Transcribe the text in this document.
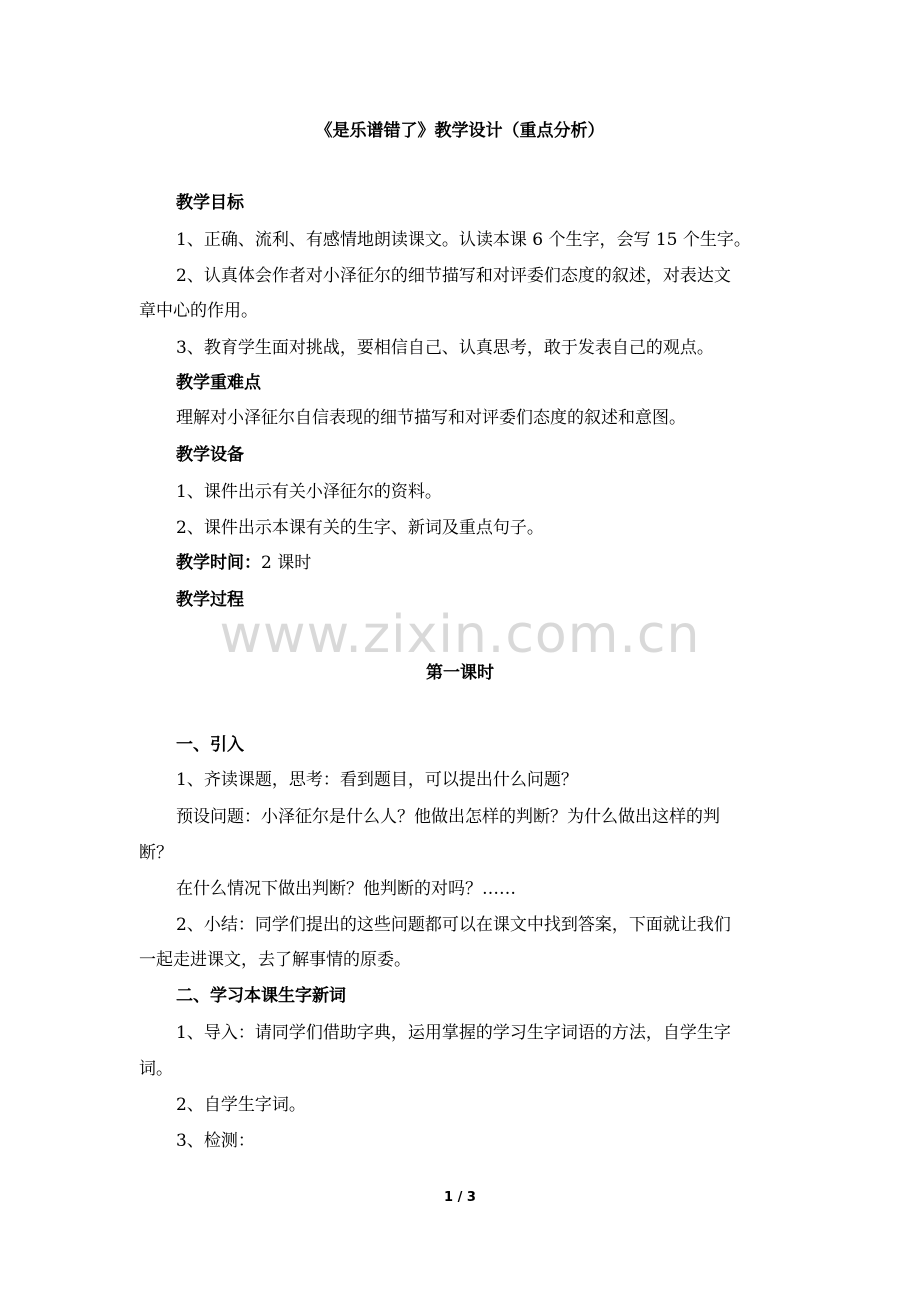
《是乐谱错了》教学设计（重点分析）
教学目标
1、正确、流利、有感情地朗读课文。认读本课 6 个生字，会写 15 个生字。
2、认真体会作者对小泽征尔的细节描写和对评委们态度的叙述，对表达文
章中心的作用。
3、教育学生面对挑战，要相信自己、认真思考，敢于发表自己的观点。
教学重难点
理解对小泽征尔自信表现的细节描写和对评委们态度的叙述和意图。
教学设备
1、课件出示有关小泽征尔的资料。
2、课件出示本课有关的生字、新词及重点句子。
教学时间：2 课时
教学过程
www.zixin.com.cn
第一课时
一、引入
1、齐读课题，思考：看到题目，可以提出什么问题？
预设问题：小泽征尔是什么人？他做出怎样的判断？为什么做出这样的判
断？
在什么情况下做出判断？他判断的对吗？……
2、小结：同学们提出的这些问题都可以在课文中找到答案，下面就让我们
一起走进课文，去了解事情的原委。
二、学习本课生字新词
1、导入：请同学们借助字典，运用掌握的学习生字词语的方法，自学生字
词。
2、自学生字词。
3、检测：
1 / 3
